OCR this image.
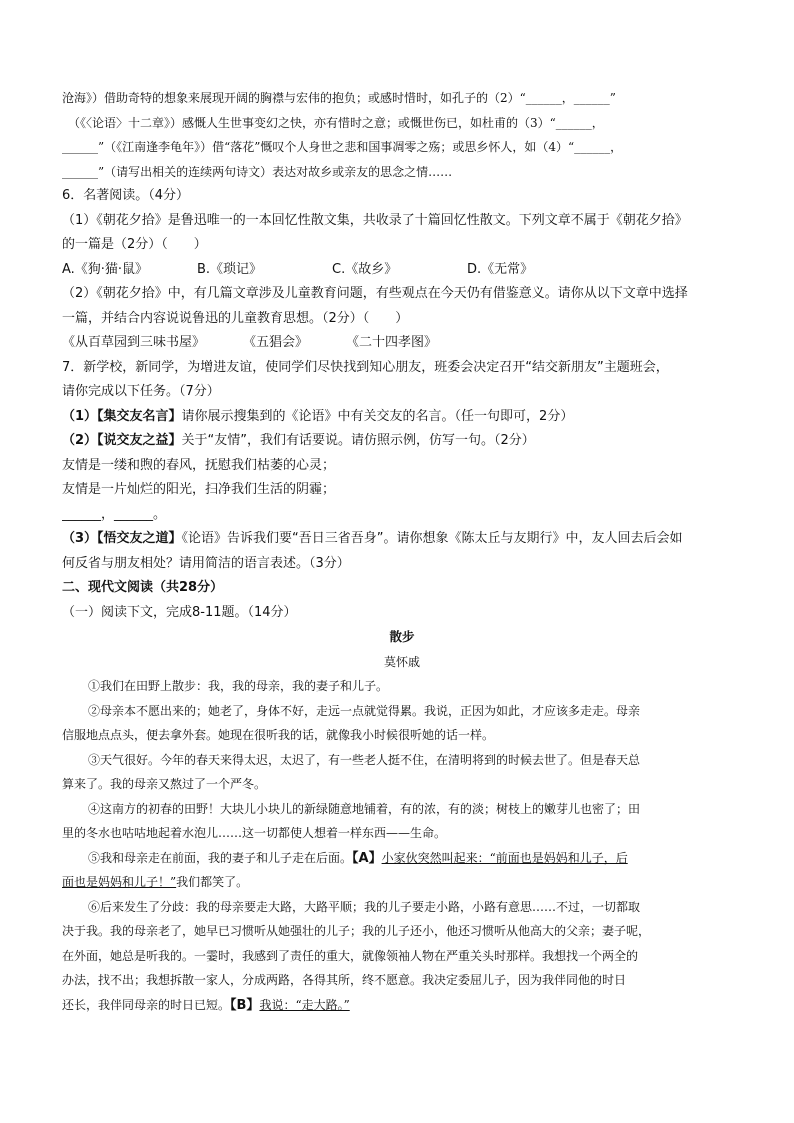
沧海》）借助奇特的想象来展现开阔的胸襟与宏伟的抱负；或感时惜时，如孔子的（2）“______，______”
（《〈论语〉十二章》）感慨人生世事变幻之快，亦有惜时之意；或慨世伤已，如杜甫的（3）“______，
______”（《江南逢李龟年》）借“落花”慨叹个人身世之悲和国事凋零之殇；或思乡怀人，如（4）“______，
______”（请写出相关的连续两句诗文）表达对故乡或亲友的思念之情……
6．名著阅读。（4分）
（1）《朝花夕拾》是鲁迅唯一的一本回忆性散文集，共收录了十篇回忆性散文。下列文章不属于《朝花夕拾》
的一篇是（2分）（　　）
A.《狗·猫·鼠》	B.《琐记》	C.《故乡》	D.《无常》
（2）《朝花夕拾》中，有几篇文章涉及儿童教育问题，有些观点在今天仍有借鉴意义。请你从以下文章中选择
一篇，并结合内容说说鲁迅的儿童教育思想。（2分）（　　）
《从百草园到三味书屋》	《五猖会》	《二十四孝图》
7．新学校，新同学，为增进友谊，使同学们尽快找到知心朋友，班委会决定召开“结交新朋友”主题班会，
请你完成以下任务。（7分）
（1）【集交友名言】请你展示搜集到的《论语》中有关交友的名言。（任一句即可，2分）
（2）【说交友之益】关于“友情”，我们有话要说。请仿照示例，仿写一句。（2分）
友情是一缕和煦的春风，抚慰我们枯萎的心灵；
友情是一片灿烂的阳光，扫净我们生活的阴霾；
______，______。
（3）【悟交友之道】《论语》告诉我们要“吾日三省吾身”。请你想象《陈太丘与友期行》中，友人回去后会如
何反省与朋友相处？请用简洁的语言表述。（3分）
二、现代文阅读（共28分）
（一）阅读下文，完成8-11题。（14分）
散步
莫怀戚
①我们在田野上散步：我，我的母亲，我的妻子和儿子。
②母亲本不愿出来的；她老了，身体不好，走远一点就觉得累。我说，正因为如此，才应该多走走。母亲
信服地点点头，便去拿外套。她现在很听我的话，就像我小时候很听她的话一样。
③天气很好。今年的春天来得太迟，太迟了，有一些老人挺不住，在清明将到的时候去世了。但是春天总
算来了。我的母亲又熬过了一个严冬。
④这南方的初春的田野！大块儿小块儿的新绿随意地铺着，有的浓，有的淡；树枝上的嫩芽儿也密了；田
里的冬水也咕咕地起着水泡儿……这一切都使人想着一样东西——生命。
⑤我和母亲走在前面，我的妻子和儿子走在后面。【A】小家伙突然叫起来：“前面也是妈妈和儿子，后
面也是妈妈和儿子！”我们都笑了。
⑥后来发生了分歧：我的母亲要走大路，大路平顺；我的儿子要走小路，小路有意思……不过，一切都取
决于我。我的母亲老了，她早已习惯听从她强壮的儿子；我的儿子还小，他还习惯听从他高大的父亲；妻子呢，
在外面，她总是听我的。一霎时，我感到了责任的重大，就像领袖人物在严重关头时那样。我想找一个两全的
办法，找不出；我想拆散一家人，分成两路，各得其所，终不愿意。我决定委屈儿子，因为我伴同他的时日
还长，我伴同母亲的时日已短。【B】我说：“走大路。”
